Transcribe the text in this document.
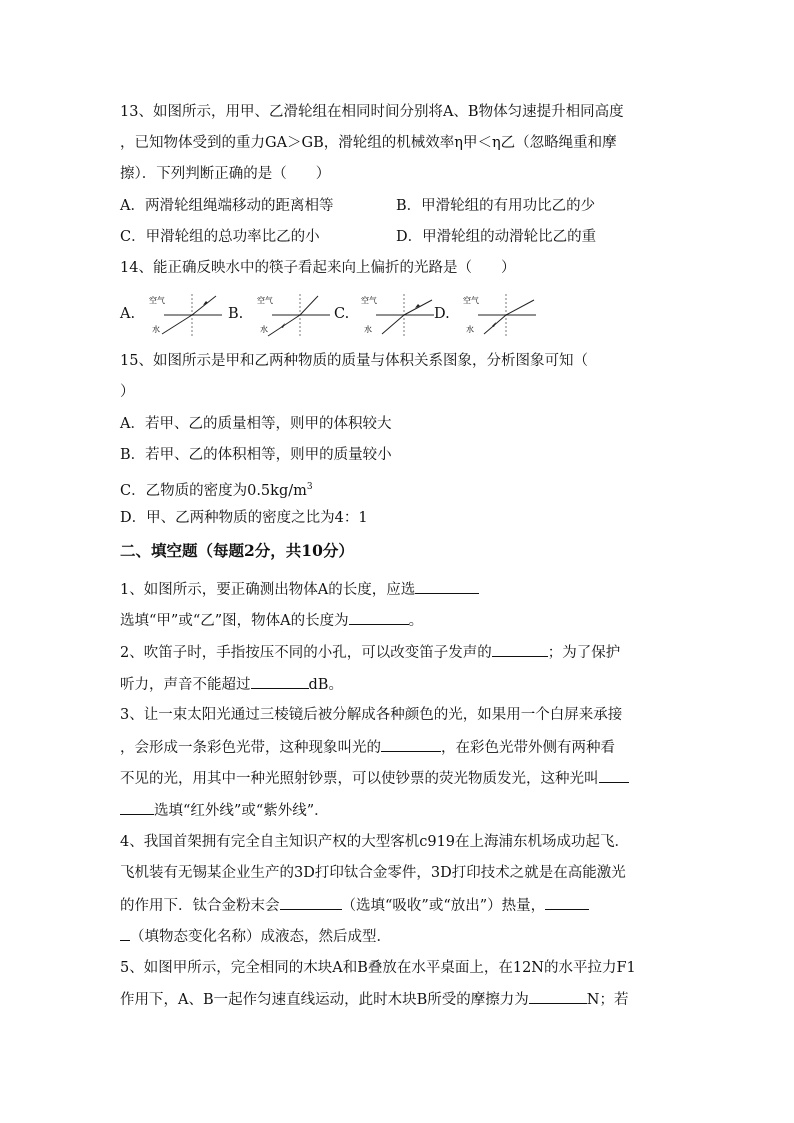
13、如图所示，用甲、乙滑轮组在相同时间分别将A、B物体匀速提升相同高度
，已知物体受到的重力GA＞GB，滑轮组的机械效率η甲＜η乙（忽略绳重和摩
擦）．下列判断正确的是（　　）
A．两滑轮组绳端移动的距离相等	B．甲滑轮组的有用功比乙的少
C．甲滑轮组的总功率比乙的小	D．甲滑轮组的动滑轮比乙的重
14、能正确反映水中的筷子看起来向上偏折的光路是（　　）
A.
空气
水
B.
空气
水
C.
空气
水
D.
空气
水
15、如图所示是甲和乙两种物质的质量与体积关系图象，分析图象可知（
）
A．若甲、乙的质量相等，则甲的体积较大
B．若甲、乙的体积相等，则甲的质量较小
C．乙物质的密度为$0.5kg/m^3$
D．甲、乙两种物质的密度之比为4：1
二、填空题（每题2分，共10分）
1、如图所示，要正确测出物体A的长度，应选
选填“甲”或“乙”图，物体A的长度为	。
2、吹笛子时，手指按压不同的小孔，可以改变笛子发声的	；为了保护
听力，声音不能超过	dB。
3、让一束太阳光通过三棱镜后被分解成各种颜色的光，如果用一个白屏来承接
，会形成一条彩色光带，这种现象叫光的	，在彩色光带外侧有两种看
不见的光，用其中一种光照射钞票，可以使钞票的荧光物质发光，这种光叫
选填“红外线”或“紫外线”．
4、我国首架拥有完全自主知识产权的大型客机c919在上海浦东机场成功起飞．
飞机装有无锡某企业生产的3D打印钛合金零件，3D打印技术之就是在高能激光
的作用下．钛合金粉末会	（选填“吸收”或“放出”）热量，
（填物态变化名称）成液态，然后成型．
5、如图甲所示，完全相同的木块A和B叠放在水平桌面上，在12N的水平拉力F1
作用下，A、B一起作匀速直线运动，此时木块B所受的摩擦力为	N；若
